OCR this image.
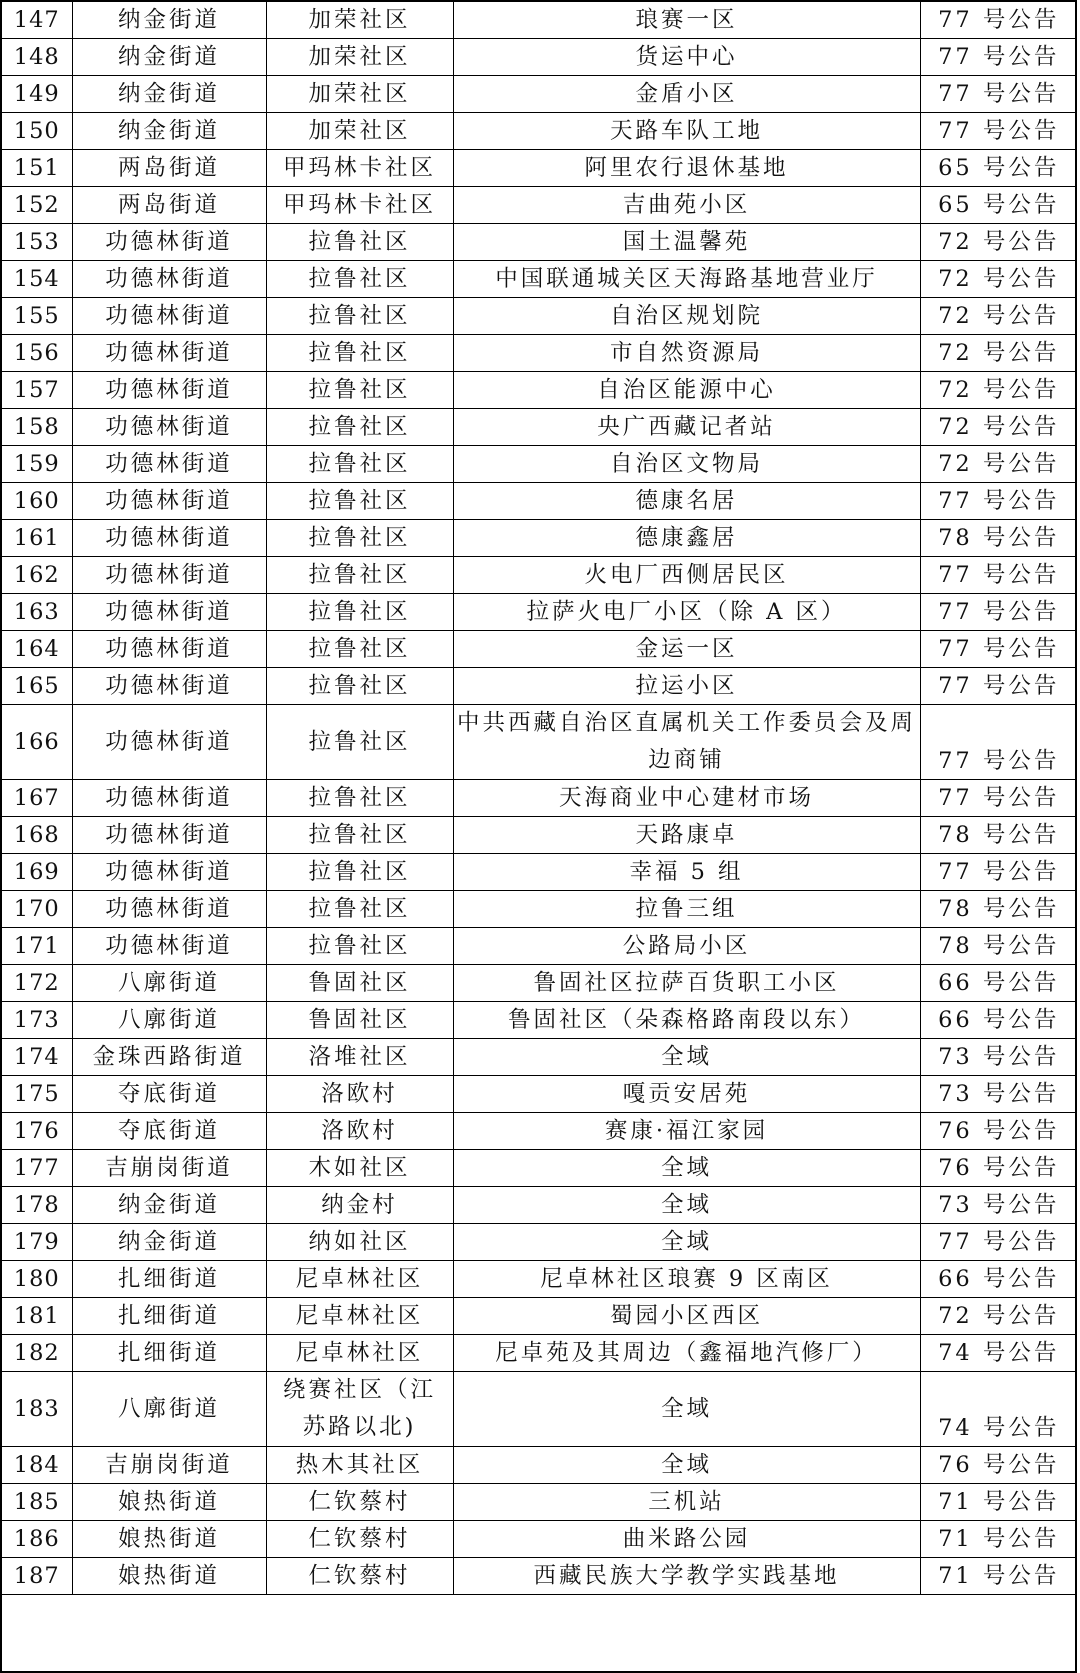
147	纳金街道	加荣社区	琅赛一区	77 号公告
148	纳金街道	加荣社区	货运中心	77 号公告
149	纳金街道	加荣社区	金盾小区	77 号公告
150	纳金街道	加荣社区	天路车队工地	77 号公告
151	两岛街道	甲玛林卡社区	阿里农行退休基地	65 号公告
152	两岛街道	甲玛林卡社区	吉曲苑小区	65 号公告
153	功德林街道	拉鲁社区	国土温馨苑	72 号公告
154	功德林街道	拉鲁社区	中国联通城关区天海路基地营业厅	72 号公告
155	功德林街道	拉鲁社区	自治区规划院	72 号公告
156	功德林街道	拉鲁社区	市自然资源局	72 号公告
157	功德林街道	拉鲁社区	自治区能源中心	72 号公告
158	功德林街道	拉鲁社区	央广西藏记者站	72 号公告
159	功德林街道	拉鲁社区	自治区文物局	72 号公告
160	功德林街道	拉鲁社区	德康名居	77 号公告
161	功德林街道	拉鲁社区	德康鑫居	78 号公告
162	功德林街道	拉鲁社区	火电厂西侧居民区	77 号公告
163	功德林街道	拉鲁社区	拉萨火电厂小区（除 A 区）	77 号公告
164	功德林街道	拉鲁社区	金运一区	77 号公告
165	功德林街道	拉鲁社区	拉运小区	77 号公告
166	功德林街道	拉鲁社区	中共西藏自治区直属机关工作委员会及周边商铺	77 号公告
167	功德林街道	拉鲁社区	天海商业中心建材市场	77 号公告
168	功德林街道	拉鲁社区	天路康卓	78 号公告
169	功德林街道	拉鲁社区	幸福 5 组	77 号公告
170	功德林街道	拉鲁社区	拉鲁三组	78 号公告
171	功德林街道	拉鲁社区	公路局小区	78 号公告
172	八廓街道	鲁固社区	鲁固社区拉萨百货职工小区	66 号公告
173	八廓街道	鲁固社区	鲁固社区（朵森格路南段以东）	66 号公告
174	金珠西路街道	洛堆社区	全域	73 号公告
175	夺底街道	洛欧村	嘎贡安居苑	73 号公告
176	夺底街道	洛欧村	赛康·福江家园	76 号公告
177	吉崩岗街道	木如社区	全域	76 号公告
178	纳金街道	纳金村	全域	73 号公告
179	纳金街道	纳如社区	全域	77 号公告
180	扎细街道	尼卓林社区	尼卓林社区琅赛 9 区南区	66 号公告
181	扎细街道	尼卓林社区	蜀园小区西区	72 号公告
182	扎细街道	尼卓林社区	尼卓苑及其周边（鑫福地汽修厂）	74 号公告
183	八廓街道	绕赛社区（江苏路以北)	全域	74 号公告
184	吉崩岗街道	热木其社区	全域	76 号公告
185	娘热街道	仁钦蔡村	三机站	71 号公告
186	娘热街道	仁钦蔡村	曲米路公园	71 号公告
187	娘热街道	仁钦蔡村	西藏民族大学教学实践基地	71 号公告
